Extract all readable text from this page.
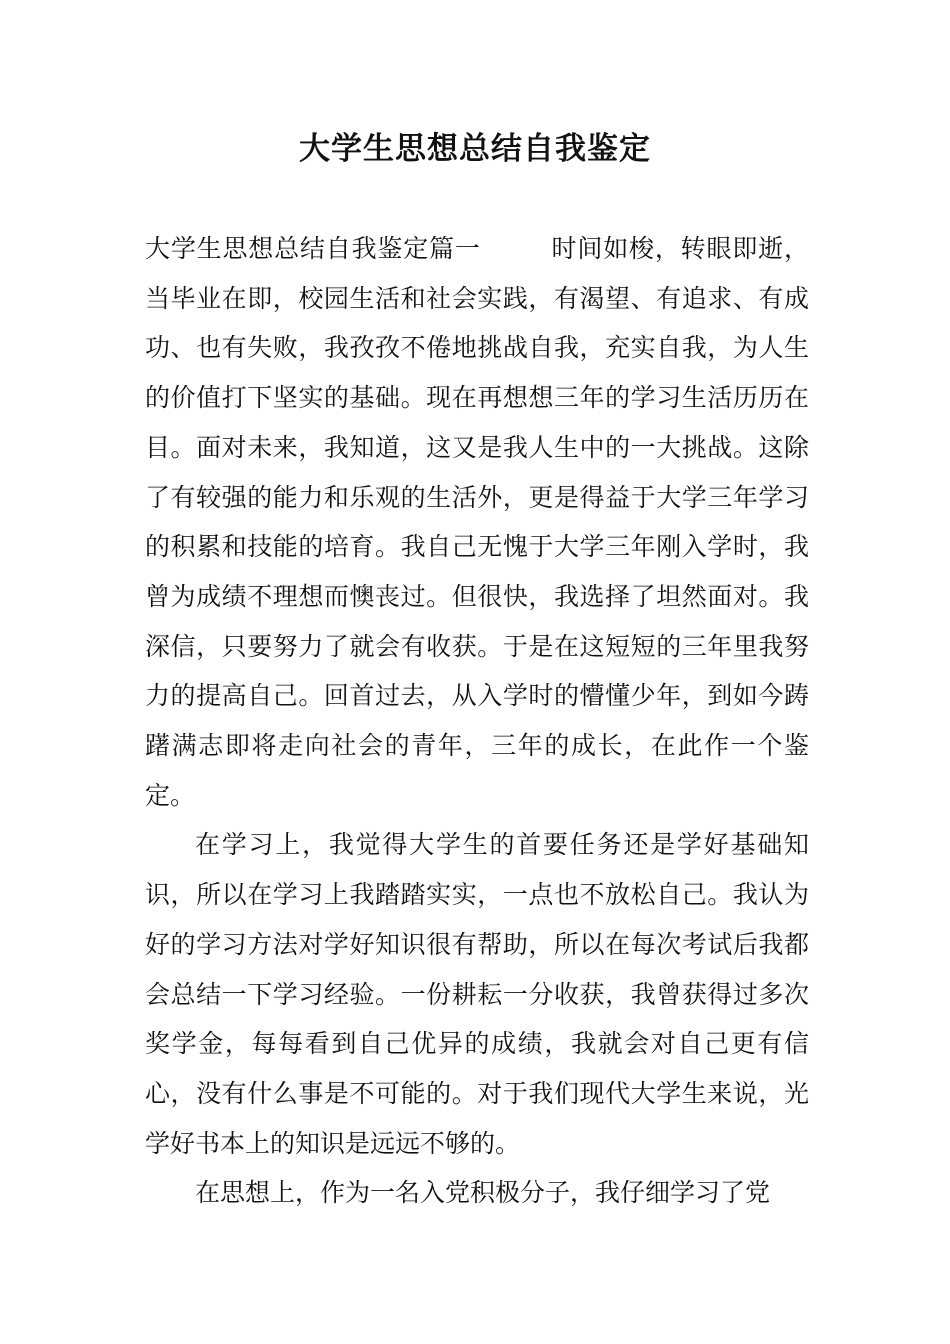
大学生思想总结自我鉴定

大学生思想总结自我鉴定篇一	时间如梭，转眼即逝，当毕业在即，校园生活和社会实践，有渴望、有追求、有成功、也有失败，我孜孜不倦地挑战自我，充实自我，为人生的价值打下坚实的基础。现在再想想三年的学习生活历历在目。面对未来，我知道，这又是我人生中的一大挑战。这除了有较强的能力和乐观的生活外，更是得益于大学三年学习的积累和技能的培育。我自己无愧于大学三年刚入学时，我曾为成绩不理想而懊丧过。但很快，我选择了坦然面对。我深信，只要努力了就会有收获。于是在这短短的三年里我努力的提高自己。回首过去，从入学时的懵懂少年，到如今踌躇满志即将走向社会的青年，三年的成长，在此作一个鉴定。

在学习上，我觉得大学生的首要任务还是学好基础知识，所以在学习上我踏踏实实，一点也不放松自己。我认为好的学习方法对学好知识很有帮助，所以在每次考试后我都会总结一下学习经验。一份耕耘一分收获，我曾获得过多次奖学金，每每看到自己优异的成绩，我就会对自己更有信心，没有什么事是不可能的。对于我们现代大学生来说，光学好书本上的知识是远远不够的。

在思想上，作为一名入党积极分子，我仔细学习了党
